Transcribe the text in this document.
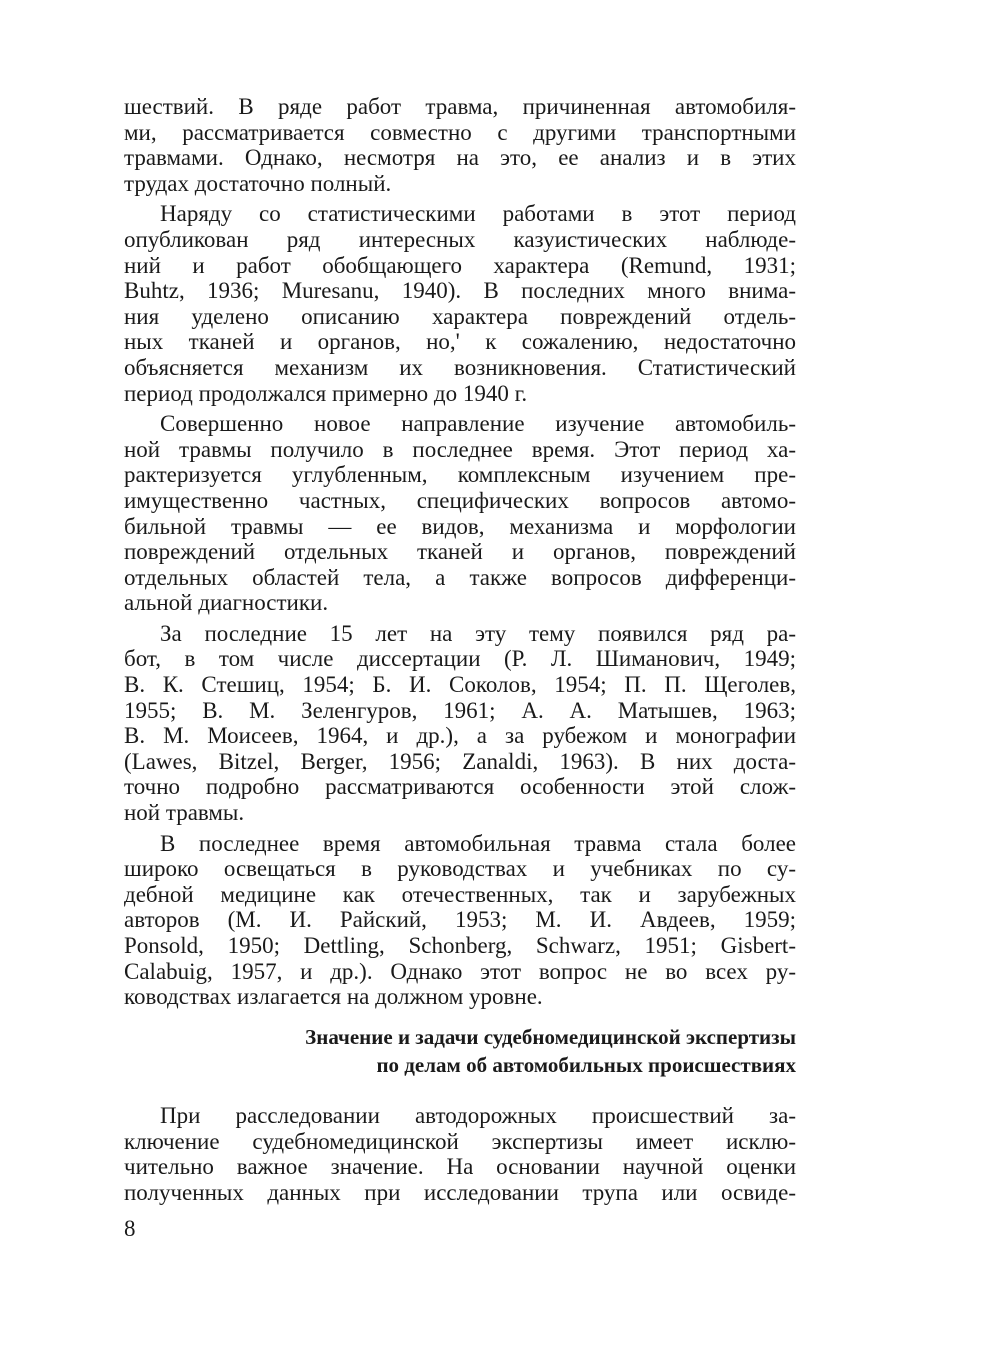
шествий. В ряде работ травма, причиненная автомобиля-
ми, рассматривается совместно с другими транспортными
травмами. Однако, несмотря на это, ее анализ и в этих
трудах достаточно полный.
Наряду со статистическими работами в этот период
опубликован ряд интересных казуистических наблюде-
ний и работ обобщающего характера (Remund, 1931;
Buhtz, 1936; Muresanu, 1940). В последних много внима-
ния уделено описанию характера повреждений отдель-
ных тканей и органов, но,' к сожалению, недостаточно
объясняется механизм их возникновения. Статистический
период продолжался примерно до 1940 г.
Совершенно новое направление изучение автомобиль-
ной травмы получило в последнее время. Этот период ха-
рактеризуется углубленным, комплексным изучением пре-
имущественно частных, специфических вопросов автомо-
бильной травмы — ее видов, механизма и морфологии
повреждений отдельных тканей и органов, повреждений
отдельных областей тела, а также вопросов дифференци-
альной диагностики.
За последние 15 лет на эту тему появился ряд ра-
бот, в том числе диссертации (Р. Л. Шиманович, 1949;
В. К. Стешиц, 1954; Б. И. Соколов, 1954; П. П. Щеголев,
1955; В. М. Зеленгуров, 1961; А. А. Матышев, 1963;
В. М. Моисеев, 1964, и др.), а за рубежом и монографии
(Lawes, Bitzel, Berger, 1956; Zanaldi, 1963). В них доста-
точно подробно рассматриваются особенности этой слож-
ной травмы.
В последнее время автомобильная травма стала более
широко освещаться в руководствах и учебниках по су-
дебной медицине как отечественных, так и зарубежных
авторов (М. И. Райский, 1953; М. И. Авдеев, 1959;
Ponsold, 1950; Dettling, Schonberg, Schwarz, 1951; Gisbert-
Calabuig, 1957, и др.). Однако этот вопрос не во всех ру-
ководствах излагается на должном уровне.
Значение и задачи судебномедицинской экспертизы
по делам об автомобильных происшествиях
При расследовании автодорожных происшествий за-
ключение судебномедицинской экспертизы имеет исклю-
чительно важное значение. На основании научной оценки
полученных данных при исследовании трупа или освиде-
8
